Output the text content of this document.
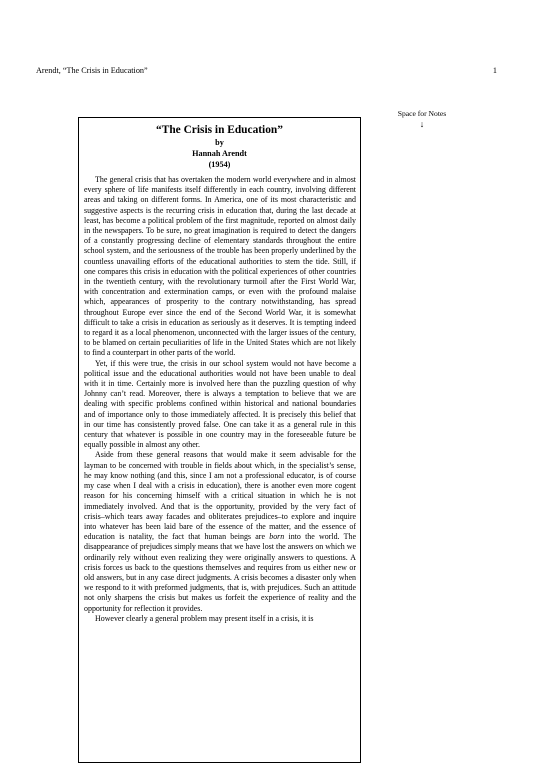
Arendt, “The Crisis in Education”	1
Space for Notes
↓
“The Crisis in Education”
by
Hannah Arendt
(1954)

The general crisis that has overtaken the modern world everywhere and in almost every sphere of life manifests itself differently in each country, involving different areas and taking on different forms. In America, one of its most characteristic and suggestive aspects is the recurring crisis in education that, during the last decade at least, has become a political problem of the first magnitude, reported on almost daily in the newspapers. To be sure, no great imagination is required to detect the dangers of a constantly progressing decline of elementary standards throughout the entire school system, and the seriousness of the trouble has been properly underlined by the countless unavailing efforts of the educational authorities to stem the tide. Still, if one compares this crisis in education with the political experiences of other countries in the twentieth century, with the revolutionary turmoil after the First World War, with concentration and extermination camps, or even with the profound malaise which, appearances of prosperity to the contrary notwithstanding, has spread throughout Europe ever since the end of the Second World War, it is somewhat difficult to take a crisis in education as seriously as it deserves. It is tempting indeed to regard it as a local phenomenon, unconnected with the larger issues of the century, to be blamed on certain peculiarities of life in the United States which are not likely to find a counterpart in other parts of the world.

Yet, if this were true, the crisis in our school system would not have become a political issue and the educational authorities would not have been unable to deal with it in time. Certainly more is involved here than the puzzling question of why Johnny can’t read. Moreover, there is always a temptation to believe that we are dealing with specific problems confined within historical and national boundaries and of importance only to those immediately affected. It is precisely this belief that in our time has consistently proved false. One can take it as a general rule in this century that whatever is possible in one country may in the foreseeable future be equally possible in almost any other.

Aside from these general reasons that would make it seem advisable for the layman to be concerned with trouble in fields about which, in the specialist’s sense, he may know nothing (and this, since I am not a professional educator, is of course my case when I deal with a crisis in education), there is another even more cogent reason for his concerning himself with a critical situation in which he is not immediately involved. And that is the opportunity, provided by the very fact of crisis–which tears away facades and obliterates prejudices–to explore and inquire into whatever has been laid bare of the essence of the matter, and the essence of education is natality, the fact that human beings are born into the world. The disappearance of prejudices simply means that we have lost the answers on which we ordinarily rely without even realizing they were originally answers to questions. A crisis forces us back to the questions themselves and requires from us either new or old answers, but in any case direct judgments. A crisis becomes a disaster only when we respond to it with preformed judgments, that is, with prejudices. Such an attitude not only sharpens the crisis but makes us forfeit the experience of reality and the opportunity for reflection it provides.

However clearly a general problem may present itself in a crisis, it is
